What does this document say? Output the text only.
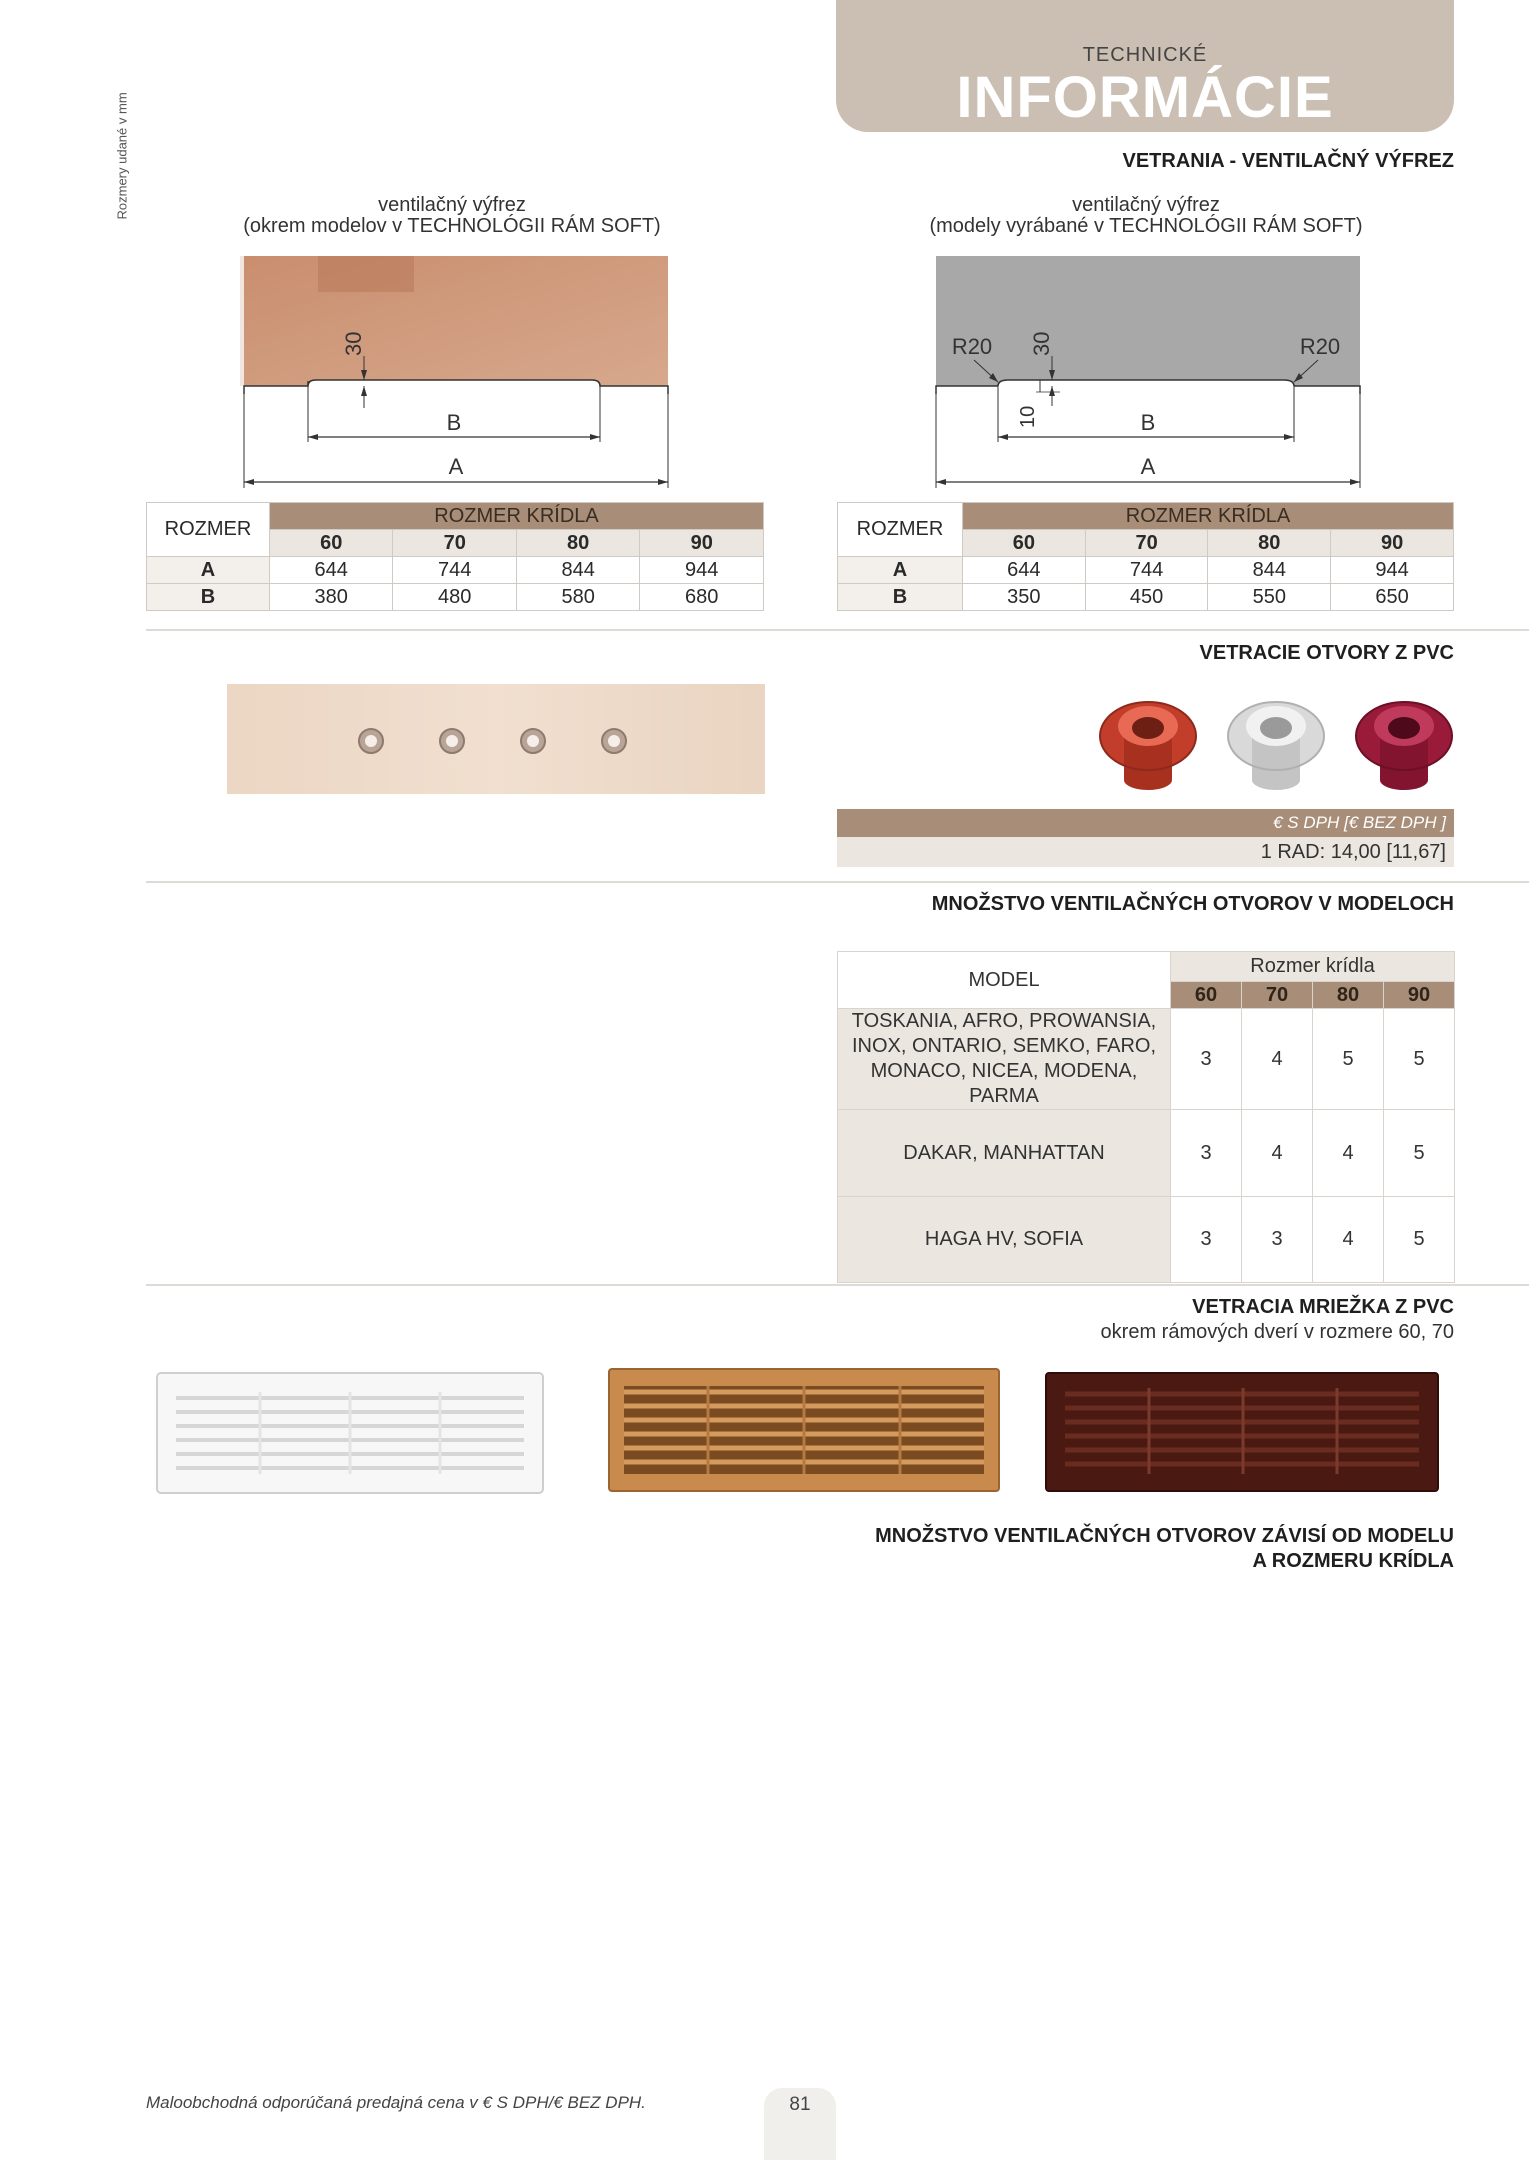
Rozmery udané v mm
TECHNICKÉ
INFORMÁCIE
VETRANIA - VENTILAČNÝ VÝFREZ
ventilačný výfrez
(okrem modelov v TECHNOLÓGII RÁM SOFT)
ventilačný výfrez
(modely vyrábané v TECHNOLÓGII RÁM SOFT)
30
B
A
30
10
R20	R20
B
A
ROZMER	ROZMER KRÍDLA			
	60	70	80	90
A	644	744	844	944
B	380	480	580	680
ROZMER	ROZMER KRÍDLA			
	60	70	80	90
A	644	744	844	944
B	350	450	550	650
VETRACIE OTVORY Z PVC
€ S DPH [€ BEZ DPH ]
1 RAD: 14,00 [11,67]
MNOŽSTVO VENTILAČNÝCH OTVOROV V MODELOCH
MODEL	Rozmer krídla			
	60	70	80	90

TOSKANIA, AFRO, PROWANSIA,
INOX, ONTARIO, SEMKO, FARO,
MONACO, NICEA, MODENA, PARMA	3	4	5	5

DAKAR, MANHATTAN	3	4	4	5

HAGA HV, SOFIA	3	3	4	5
VETRACIA MRIEŽKA Z PVC
okrem rámových dverí v rozmere 60, 70
MNOŽSTVO VENTILAČNÝCH OTVOROV ZÁVISÍ OD MODELU
A ROZMERU KRÍDLA
Maloobchodná odporúčaná predajná cena v € S DPH/€ BEZ DPH.	81
